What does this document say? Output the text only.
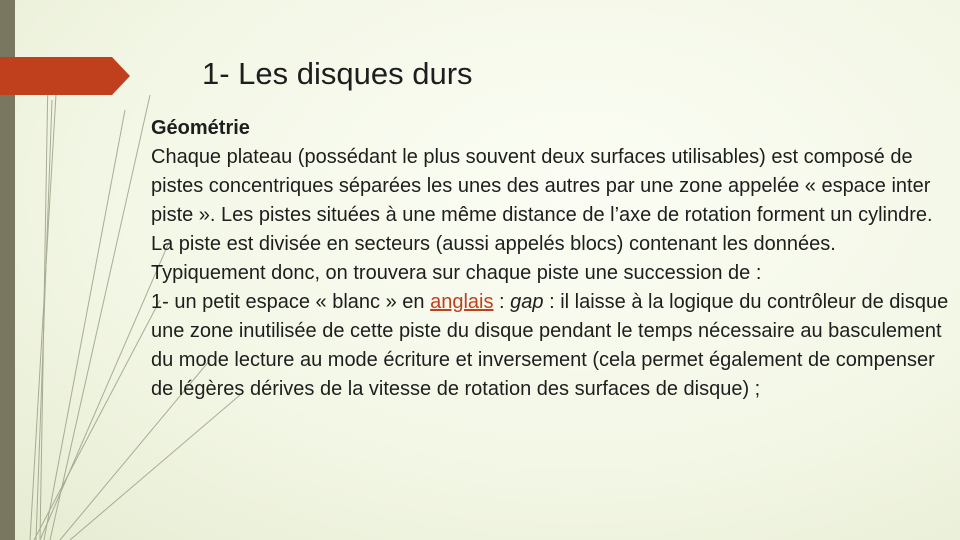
1- Les disques durs

Géométrie

Chaque plateau (possédant le plus souvent deux surfaces utilisables) est composé de pistes concentriques séparées les unes des autres par une zone appelée « espace inter piste ». Les pistes situées à une même distance de l’axe de rotation forment un cylindre.

La piste est divisée en secteurs (aussi appelés blocs) contenant les données. Typiquement donc, on trouvera sur chaque piste une succession de :

1- un petit espace « blanc » en anglais : gap : il laisse à la logique du contrôleur de disque une zone inutilisée de cette piste du disque pendant le temps nécessaire au basculement du mode lecture au mode écriture et inversement (cela permet également de compenser de légères dérives de la vitesse de rotation des surfaces de disque) ;
